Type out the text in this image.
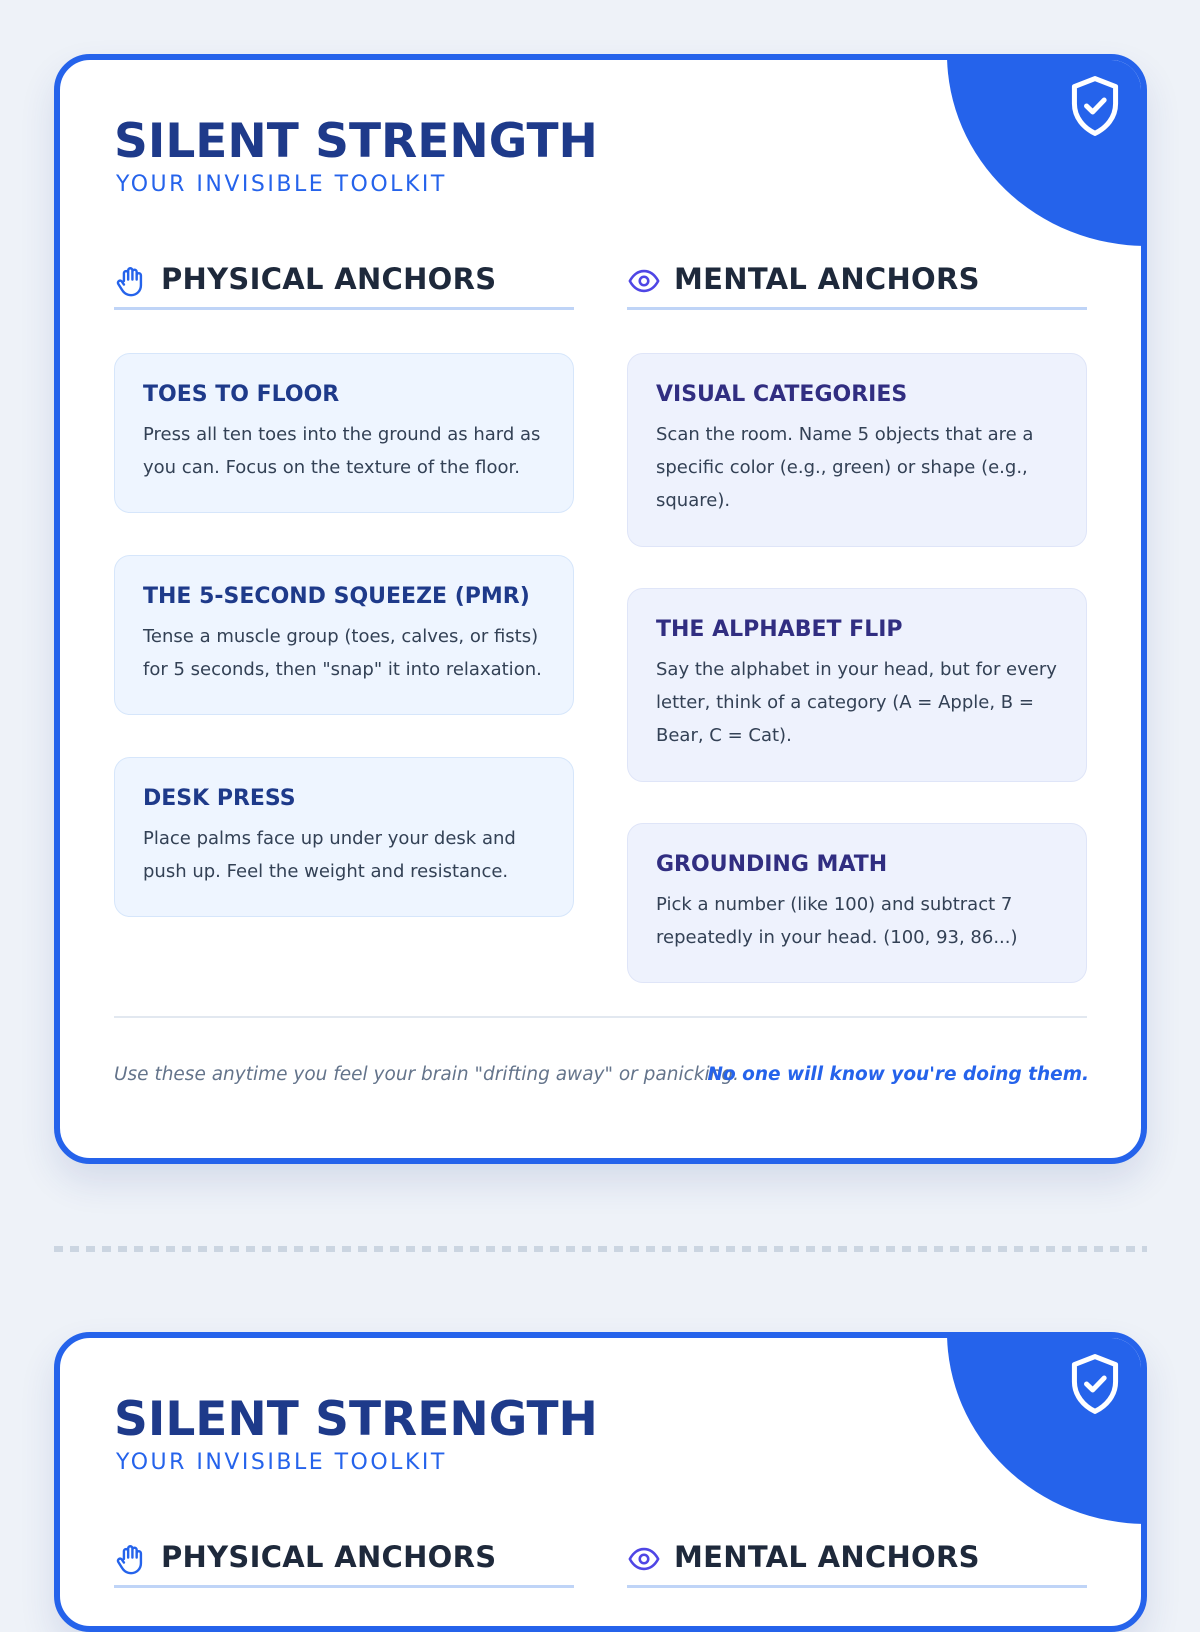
SILENT STRENGTH
YOUR INVISIBLE TOOLKIT
PHYSICAL ANCHORS
TOES TO FLOOR

Press all ten toes into the ground as hard as you can. Focus on the texture of the floor.

THE 5-SECOND SQUEEZE (PMR)

Tense a muscle group (toes, calves, or fists) for 5 seconds, then "snap" it into relaxation.

DESK PRESS

Place palms face up under your desk and push up. Feel the weight and resistance.

MENTAL ANCHORS
VISUAL CATEGORIES

Scan the room. Name 5 objects that are a specific color (e.g., green) or shape (e.g., square).

THE ALPHABET FLIP

Say the alphabet in your head, but for every letter, think of a category (A = Apple, B = Bear, C = Cat).

GROUNDING MATH

Pick a number (like 100) and subtract 7 repeatedly in your head. (100, 93, 86...)

Use these anytime you feel your brain "drifting away" or panicking.
No one will know you're doing them.
SILENT STRENGTH
YOUR INVISIBLE TOOLKIT
PHYSICAL ANCHORS	MENTAL ANCHORS
